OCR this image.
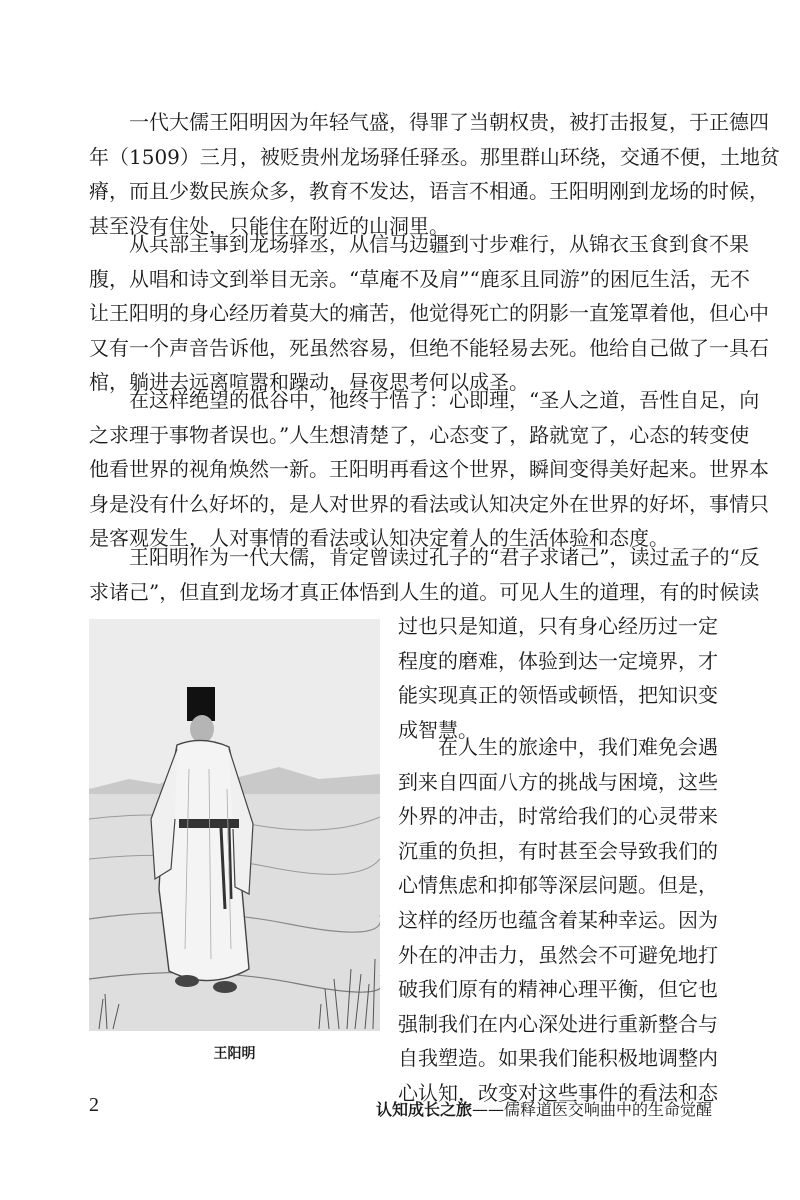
一代大儒王阳明因为年轻气盛，得罪了当朝权贵，被打击报复，于正德四
年（1509）三月，被贬贵州龙场驿任驿丞。那里群山环绕，交通不便，土地贫
瘠，而且少数民族众多，教育不发达，语言不相通。王阳明刚到龙场的时候，
甚至没有住处，只能住在附近的山洞里。
从兵部主事到龙场驿丞，从信马边疆到寸步难行，从锦衣玉食到食不果
腹，从唱和诗文到举目无亲。“草庵不及肩”“鹿豕且同游”的困厄生活，无不
让王阳明的身心经历着莫大的痛苦，他觉得死亡的阴影一直笼罩着他，但心中
又有一个声音告诉他，死虽然容易，但绝不能轻易去死。他给自己做了一具石
棺，躺进去远离喧嚣和躁动，昼夜思考何以成圣。
在这样绝望的低谷中，他终于悟了：心即理，“圣人之道，吾性自足，向
之求理于事物者误也。”人生想清楚了，心态变了，路就宽了，心态的转变使
他看世界的视角焕然一新。王阳明再看这个世界，瞬间变得美好起来。世界本
身是没有什么好坏的，是人对世界的看法或认知决定外在世界的好坏，事情只
是客观发生，人对事情的看法或认知决定着人的生活体验和态度。
王阳明作为一代大儒，肯定曾读过孔子的“君子求诸己”，读过孟子的“反
求诸己”，但直到龙场才真正体悟到人生的道。可见人生的道理，有的时候读
过也只是知道，只有身心经历过一定
程度的磨难，体验到达一定境界，才
能实现真正的领悟或顿悟，把知识变
成智慧。
在人生的旅途中，我们难免会遇
到来自四面八方的挑战与困境，这些
外界的冲击，时常给我们的心灵带来
沉重的负担，有时甚至会导致我们的
心情焦虑和抑郁等深层问题。但是，
这样的经历也蕴含着某种幸运。因为
外在的冲击力，虽然会不可避免地打
破我们原有的精神心理平衡，但它也
强制我们在内心深处进行重新整合与
自我塑造。如果我们能积极地调整内
心认知，改变对这些事件的看法和态
王阳明
2	认知成长之旅——儒释道医交响曲中的生命觉醒
